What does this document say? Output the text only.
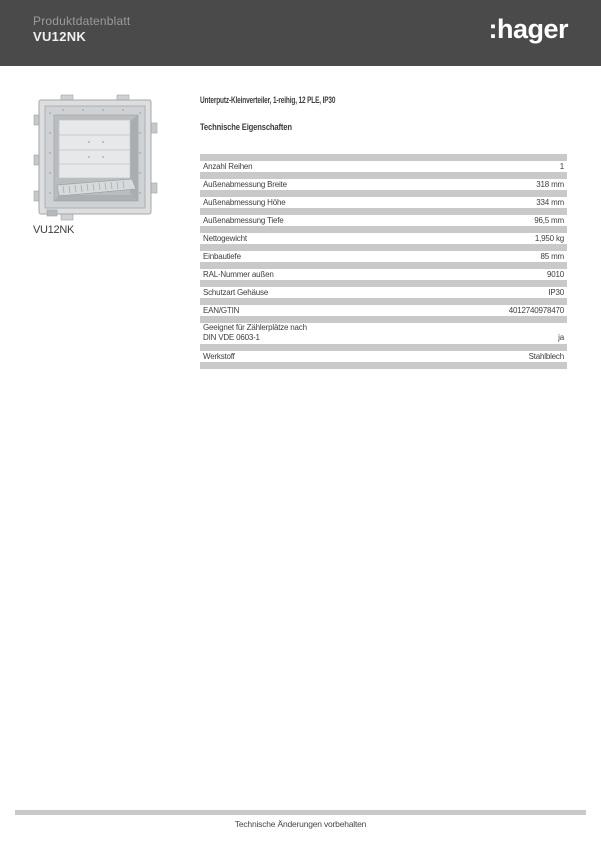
Produktdatenblatt
VU12NK	:hager
VU12NK
Unterputz-Kleinverteiler, 1-reihig, 12 PLE, IP30
Technische Eigenschaften
Anzahl Reihen	1
Außenabmessung Breite	318 mm
Außenabmessung Höhe	334 mm
Außenabmessung Tiefe	96,5 mm
Nettogewicht	1,950 kg
Einbautiefe	85 mm
RAL-Nummer außen	9010
Schutzart Gehäuse	IP30
EAN/GTIN	4012740978470
Geeignet für Zählerplätze nach
DIN VDE 0603-1	ja
Werkstoff	Stahlblech
Technische Änderungen vorbehalten
